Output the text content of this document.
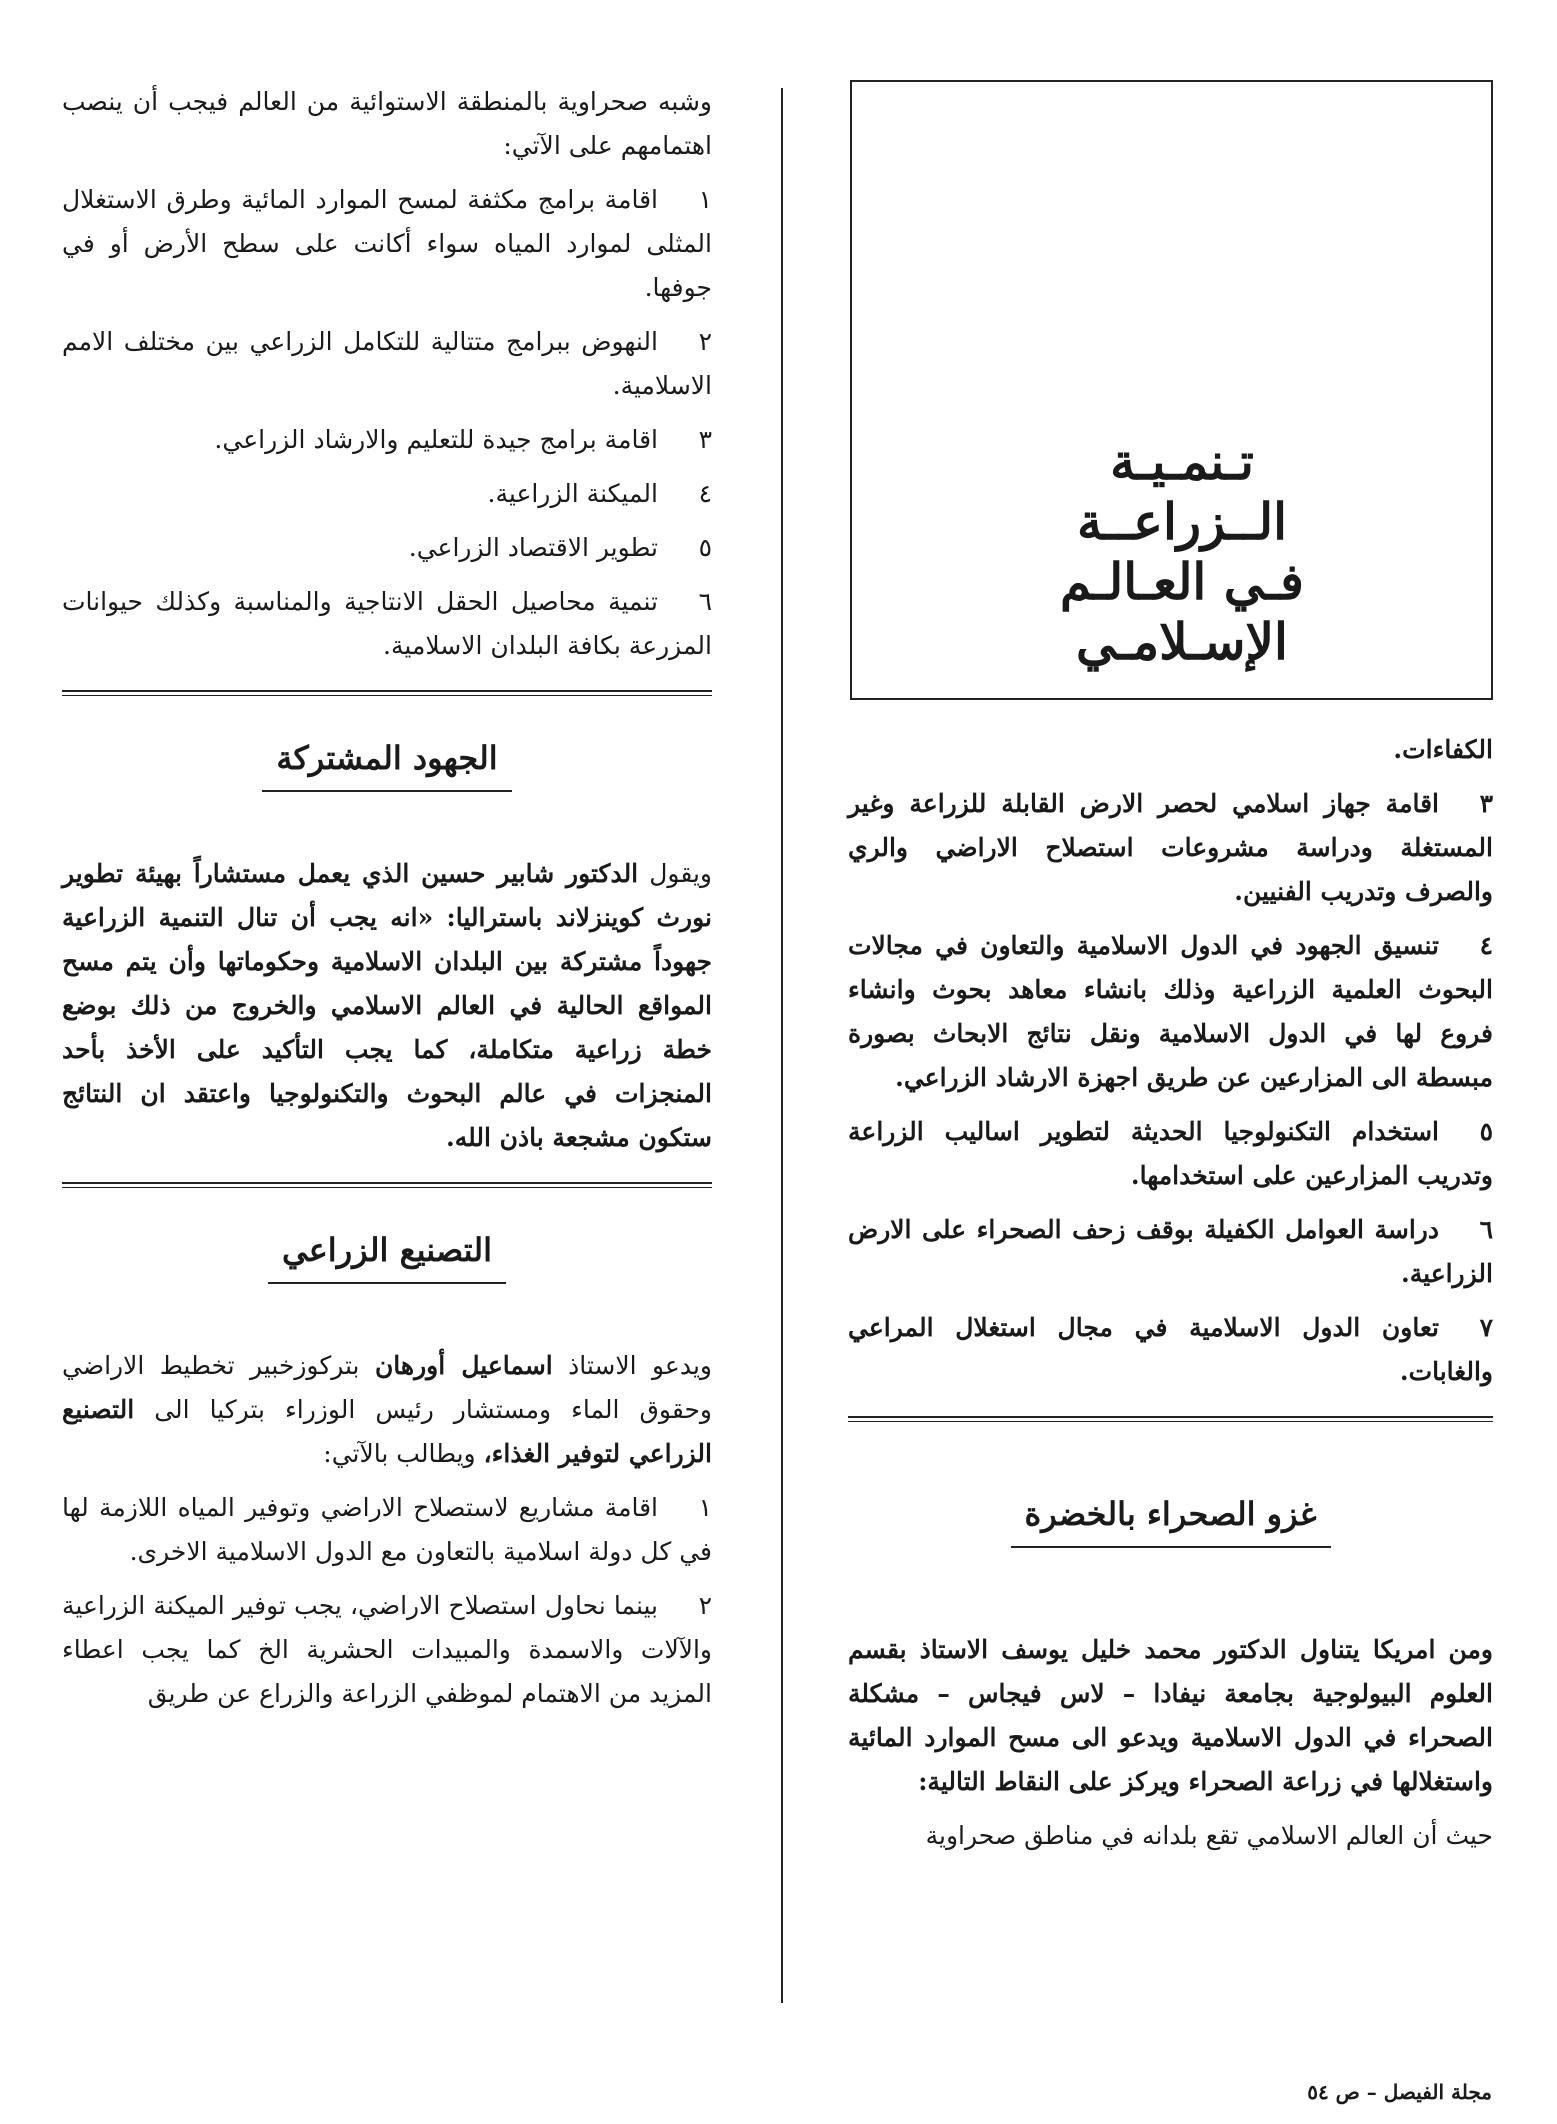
تـنمـيـة
الــزراعــة
فـي العـالـم
الإسـلامـي

الكفاءات.

٣اقامة جهاز اسلامي لحصر الارض القابلة للزراعة وغير المستغلة ودراسة مشروعات استصلاح الاراضي والري والصرف وتدريب الفنيين.

٤تنسيق الجهود في الدول الاسلامية والتعاون في مجالات البحوث العلمية الزراعية وذلك بانشاء معاهد بحوث وانشاء فروع لها في الدول الاسلامية ونقل نتائج الابحاث بصورة مبسطة الى المزارعين عن طريق اجهزة الارشاد الزراعي.

٥استخدام التكنولوجيا الحديثة لتطوير اساليب الزراعة وتدريب المزارعين على استخدامها.

٦دراسة العوامل الكفيلة بوقف زحف الصحراء على الارض الزراعية.

٧تعاون الدول الاسلامية في مجال استغلال المراعي والغابات.

غزو الصحراء بالخضرة

ومن امريكا يتناول الدكتور محمد خليل يوسف الاستاذ بقسم العلوم البيولوجية بجامعة نيفادا – لاس فيجاس – مشكلة الصحراء في الدول الاسلامية ويدعو الى مسح الموارد المائية واستغلالها في زراعة الصحراء ويركز على النقاط التالية:

حيث أن العالم الاسلامي تقع بلدانه في مناطق صحراوية

وشبه صحراوية بالمنطقة الاستوائية من العالم فيجب أن ينصب اهتمامهم على الآتي:

١اقامة برامج مكثفة لمسح الموارد المائية وطرق الاستغلال المثلى لموارد المياه سواء أكانت على سطح الأرض أو في جوفها.

٢النهوض ببرامج متتالية للتكامل الزراعي بين مختلف الامم الاسلامية.

٣اقامة برامج جيدة للتعليم والارشاد الزراعي.

٤الميكنة الزراعية.

٥تطوير الاقتصاد الزراعي.

٦تنمية محاصيل الحقل الانتاجية والمناسبة وكذلك حيوانات المزرعة بكافة البلدان الاسلامية.

الجهود المشتركة

ويقول الدكتور شابير حسين الذي يعمل مستشاراً بهيئة تطوير نورث كوينزلاند باستراليا: «انه يجب أن تنال التنمية الزراعية جهوداً مشتركة بين البلدان الاسلامية وحكوماتها وأن يتم مسح المواقع الحالية في العالم الاسلامي والخروج من ذلك بوضع خطة زراعية متكاملة، كما يجب التأكيد على الأخذ بأحد المنجزات في عالم البحوث والتكنولوجيا واعتقد ان النتائج ستكون مشجعة باذن الله.

التصنيع الزراعي

ويدعو الاستاذ اسماعيل أورهان بتركوزخبير تخطيط الاراضي وحقوق الماء ومستشار رئيس الوزراء بتركيا الى التصنيع الزراعي لتوفير الغذاء، ويطالب بالآتي:

١اقامة مشاريع لاستصلاح الاراضي وتوفير المياه اللازمة لها في كل دولة اسلامية بالتعاون مع الدول الاسلامية الاخرى.

٢بينما نحاول استصلاح الاراضي، يجب توفير الميكنة الزراعية والآلات والاسمدة والمبيدات الحشرية الخ كما يجب اعطاء المزيد من الاهتمام لموظفي الزراعة والزراع عن طريق

مجلة الفيصل – ص ٥٤
